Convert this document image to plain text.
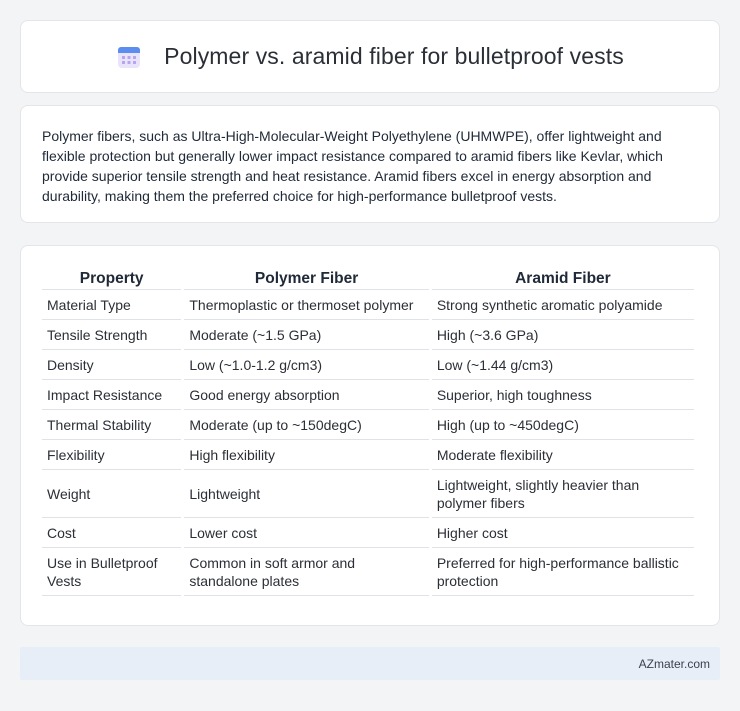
Polymer vs. aramid fiber for bulletproof vests

Polymer fibers, such as Ultra-High-Molecular-Weight Polyethylene (UHMWPE), offer lightweight and flexible protection but generally lower impact resistance compared to aramid fibers like Kevlar, which provide superior tensile strength and heat resistance. Aramid fibers excel in energy absorption and durability, making them the preferred choice for high-performance bulletproof vests.

Property	Polymer Fiber	Aramid Fiber
Material Type	Thermoplastic or thermoset polymer	Strong synthetic aromatic polyamide
Tensile Strength	Moderate (~1.5 GPa)	High (~3.6 GPa)
Density	Low (~1.0-1.2 g/cm3)	Low (~1.44 g/cm3)
Impact Resistance	Good energy absorption	Superior, high toughness
Thermal Stability	Moderate (up to ~150degC)	High (up to ~450degC)
Flexibility	High flexibility	Moderate flexibility
Weight	Lightweight	Lightweight, slightly heavier than polymer fibers
Cost	Lower cost	Higher cost
Use in Bulletproof Vests	Common in soft armor and standalone plates	Preferred for high-performance ballistic protection
AZmater.com
